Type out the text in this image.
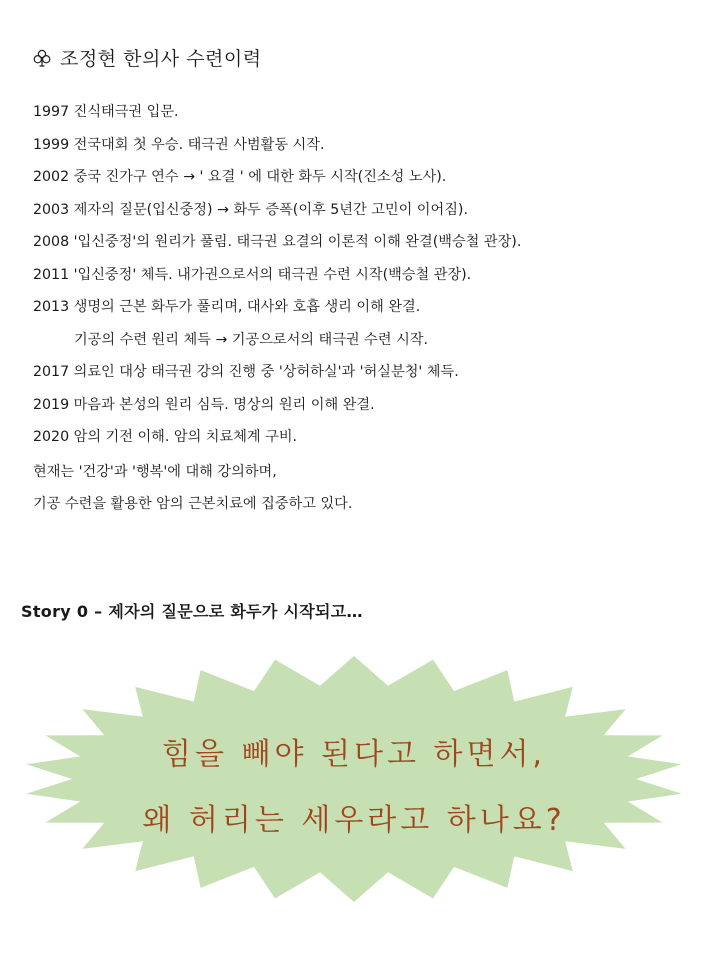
조정현 한의사 수련이력
1997 진식태극권 입문.
1999 전국대회 첫 우승. 태극권 사범활동 시작.
2002 중국 진가구 연수 → ' 요결 ' 에 대한 화두 시작(진소성 노사).
2003 제자의 질문(입신중정) → 화두 증폭(이후 5년간 고민이 이어짐).
2008 '입신중정'의 원리가 풀림. 태극권 요결의 이론적 이해 완결(백승철 관장).
2011 '입신중정' 체득. 내가권으로서의 태극권 수련 시작(백승철 관장).
2013 생명의 근본 화두가 풀리며, 대사와 호흡 생리 이해 완결.
기공의 수련 원리 체득 → 기공으로서의 태극권 수련 시작.
2017 의료인 대상 태극권 강의 진행 중 '상허하실'과 '허실분청' 체득.
2019 마음과 본성의 원리 심득. 명상의 원리 이해 완결.
2020 암의 기전 이해. 암의 치료체계 구비.
현재는 '건강'과 '행복'에 대해 강의하며,
기공 수련을 활용한 암의 근본치료에 집중하고 있다.
Story 0 – 제자의 질문으로 화두가 시작되고…
힘을 빼야 된다고 하면서,
왜 허리는 세우라고 하나요?
